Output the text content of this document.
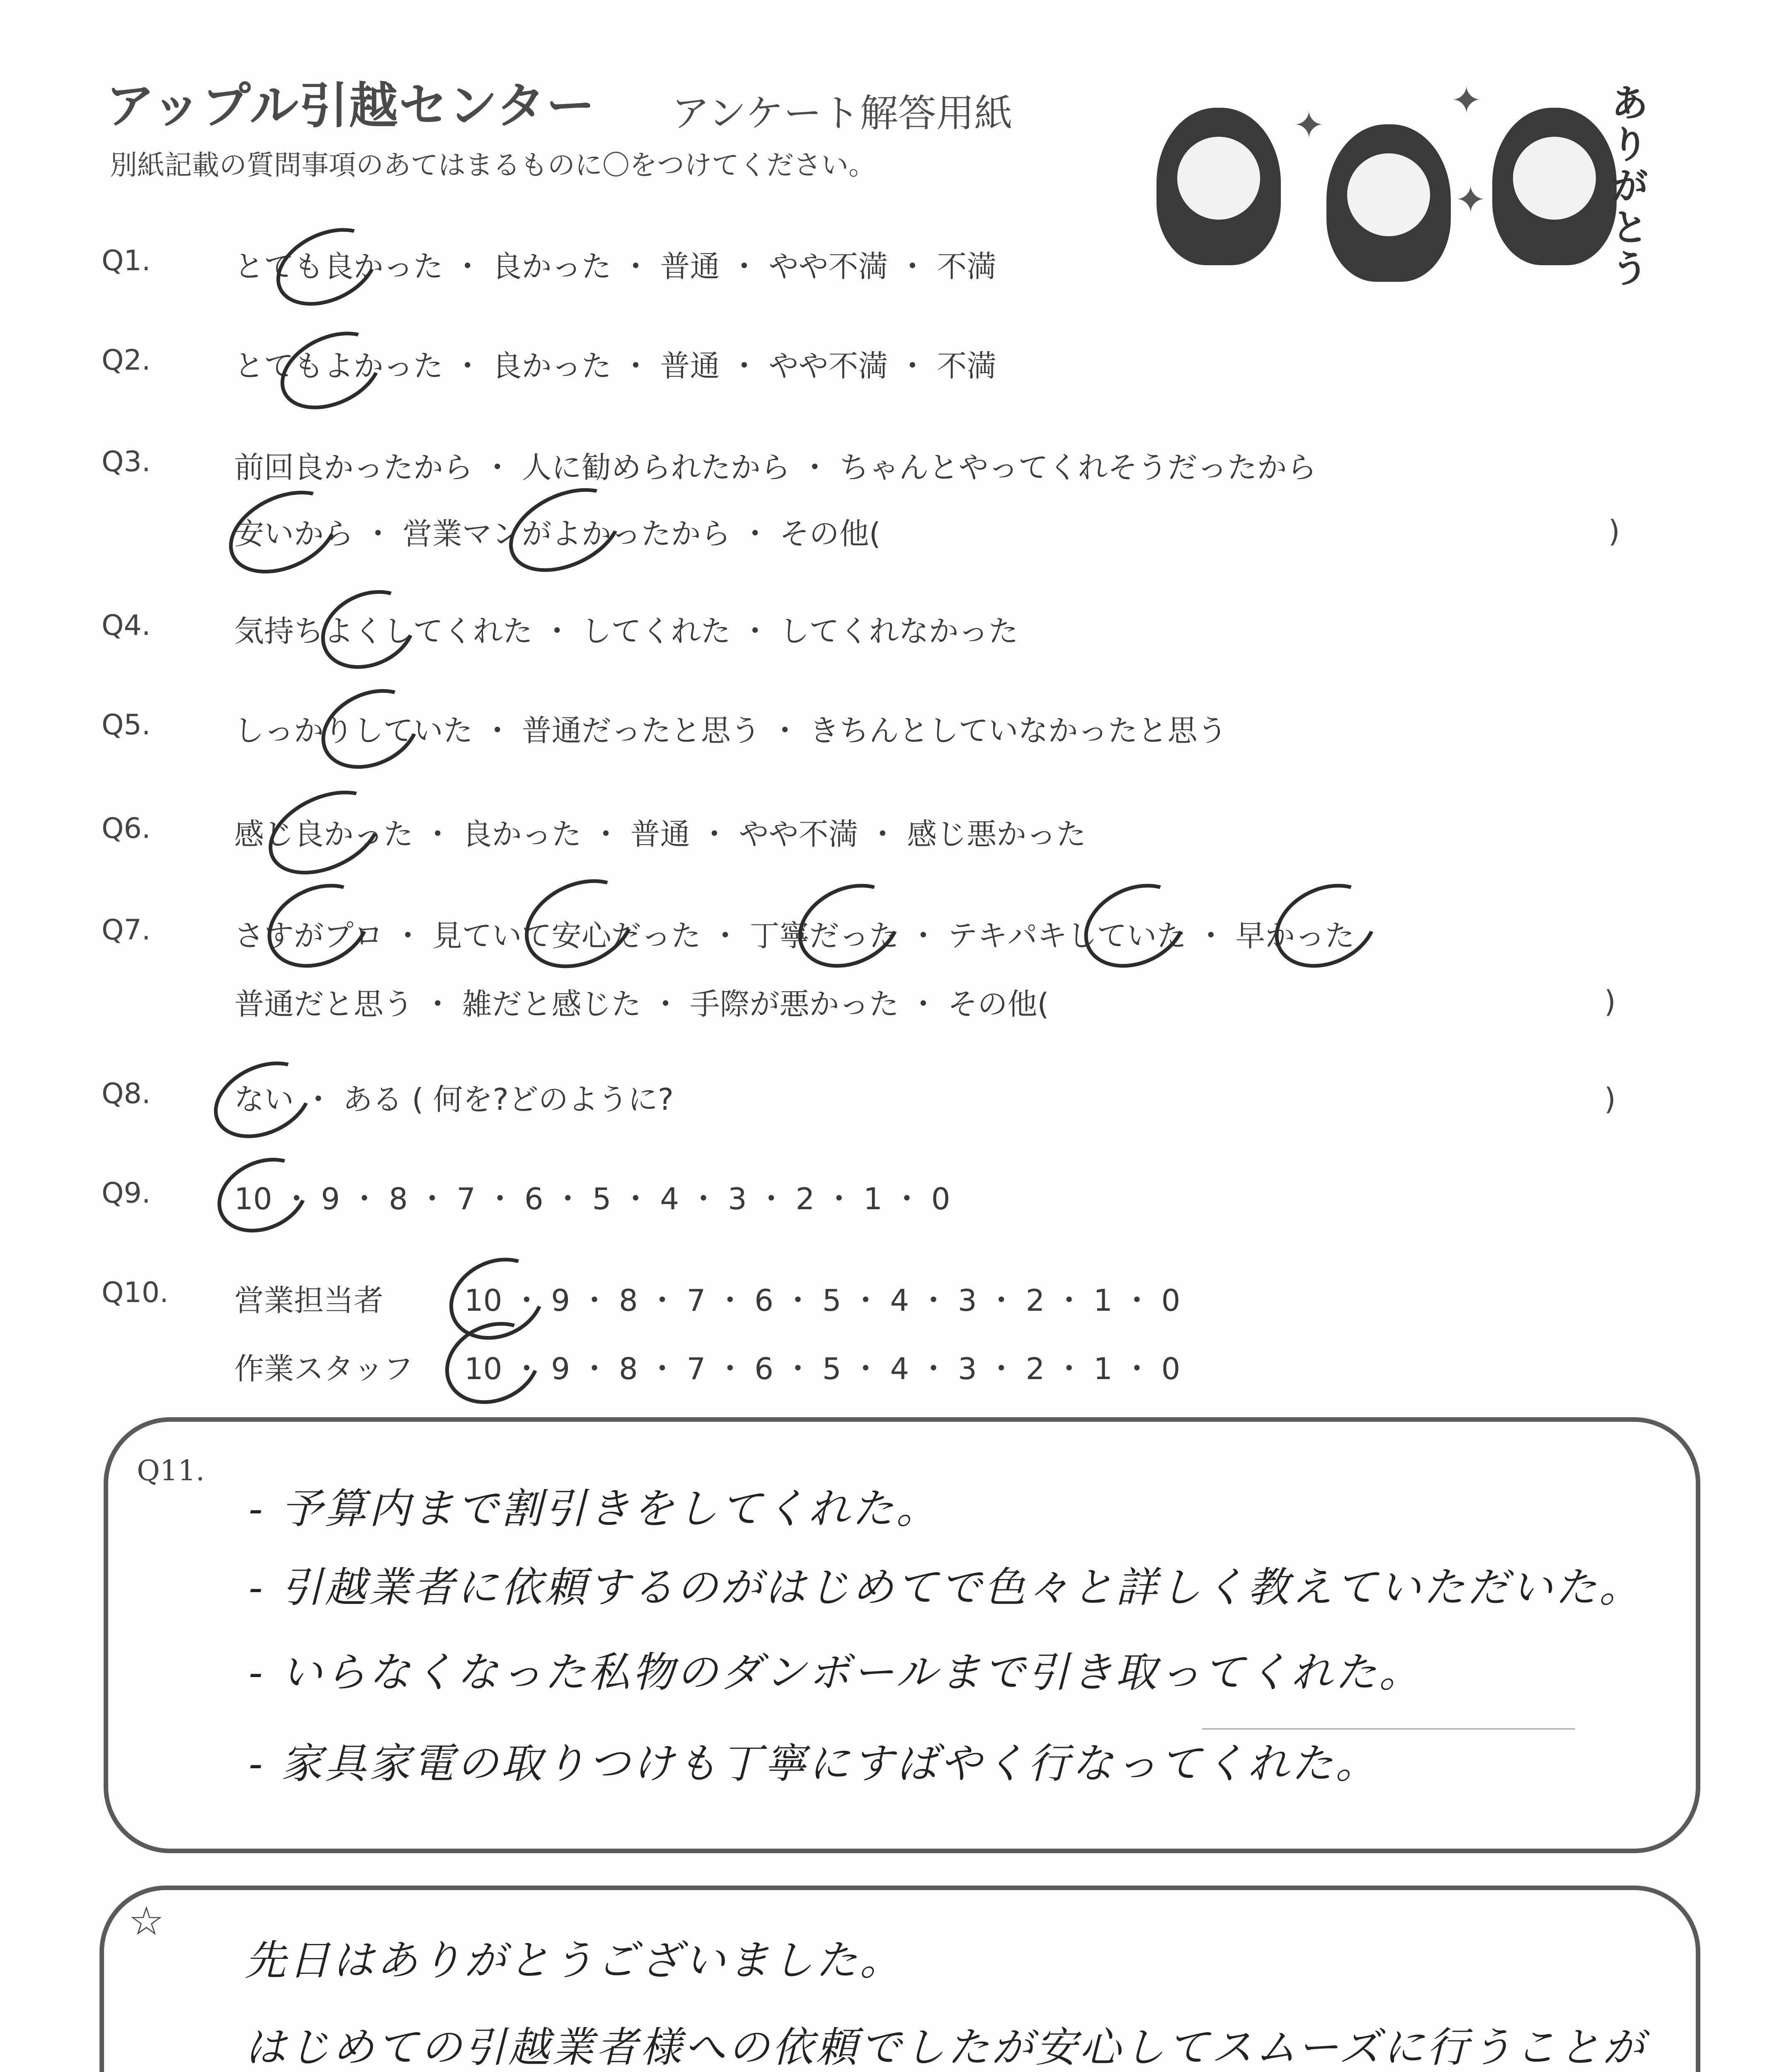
アップル引越センター アンケート解答用紙
別紙記載の質問事項のあてはまるものに〇をつけてください。
✦
✦
✦	ありがとう
Q1.	とても良かった ・ 良かった ・ 普通 ・ やや不満 ・ 不満
Q2.	とてもよかった ・ 良かった ・ 普通 ・ やや不満 ・ 不満
Q3.	前回良かったから ・ 人に勧められたから ・ ちゃんとやってくれそうだったから
安いから ・ 営業マンがよかったから ・ その他(	)
Q4.	気持ちよくしてくれた ・ してくれた ・ してくれなかった
Q5.	しっかりしていた ・ 普通だったと思う ・ きちんとしていなかったと思う
Q6.	感じ良かった ・ 良かった ・ 普通 ・ やや不満 ・ 感じ悪かった
Q7.	さすがプロ ・ 見ていて安心だった ・ 丁寧だった ・ テキパキしていた ・ 早かった
普通だと思う ・ 雑だと感じた ・ 手際が悪かった ・ その他(	)
Q8.	ない ・ ある ( 何を?どのように?	)
Q9.	10 ・ 9 ・ 8 ・ 7 ・ 6 ・ 5 ・ 4 ・ 3 ・ 2 ・ 1 ・ 0
Q10. 営業担当者	10 ・ 9 ・ 8 ・ 7 ・ 6 ・ 5 ・ 4 ・ 3 ・ 2 ・ 1 ・ 0
作業スタッフ 10 ・ 9 ・ 8 ・ 7 ・ 6 ・ 5 ・ 4 ・ 3 ・ 2 ・ 1 ・ 0
Q11.
- 予算内まで割引きをしてくれた。
- 引越業者に依頼するのがはじめてで色々と詳しく教えていただいた。
- いらなくなった私物のダンボールまで引き取ってくれた。
- 家具家電の取りつけも丁寧にすばやく行なってくれた。
☆
先日はありがとうございました。
はじめての引越業者様への依頼でしたが安心してスムーズに行うことが
